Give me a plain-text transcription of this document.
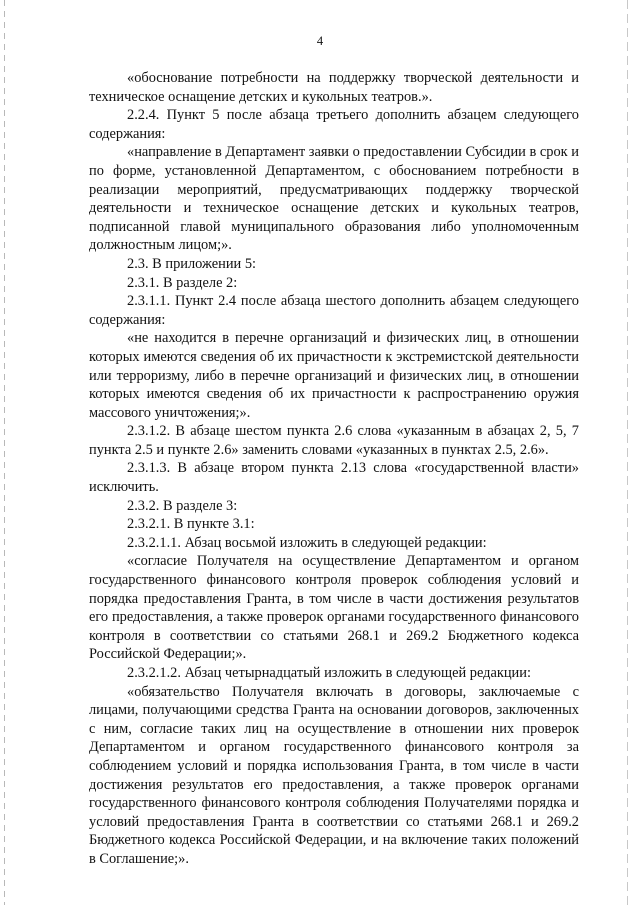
4

«обоснование потребности на поддержку творческой деятельности и техническое оснащение детских и кукольных театров.».

2.2.4. Пункт 5 после абзаца третьего дополнить абзацем следующего содержания:

«направление в Департамент заявки о предоставлении Субсидии в срок и по форме, установленной Департаментом, с обоснованием потребности в реализации мероприятий, предусматривающих поддержку творческой деятельности и техническое оснащение детских и кукольных театров, подписанной главой муниципального образования либо уполномоченным должностным лицом;».

2.3. В приложении 5:

2.3.1. В разделе 2:

2.3.1.1. Пункт 2.4 после абзаца шестого дополнить абзацем следующего содержания:

«не находится в перечне организаций и физических лиц, в отношении которых имеются сведения об их причастности к экстремистской деятельности или терроризму, либо в перечне организаций и физических лиц, в отношении которых имеются сведения об их причастности к распространению оружия массового уничтожения;».

2.3.1.2. В абзаце шестом пункта 2.6 слова «указанным в абзацах 2, 5, 7 пункта 2.5 и пункте 2.6» заменить словами «указанных в пунктах 2.5, 2.6».

2.3.1.3. В абзаце втором пункта 2.13 слова «государственной власти» исключить.

2.3.2. В разделе 3:

2.3.2.1. В пункте 3.1:

2.3.2.1.1. Абзац восьмой изложить в следующей редакции:

«согласие Получателя на осуществление Департаментом и органом государственного финансового контроля проверок соблюдения условий и порядка предоставления Гранта, в том числе в части достижения результатов его предоставления, а также проверок органами государственного финансового контроля в соответствии со статьями 268.1 и 269.2 Бюджетного кодекса Российской Федерации;».

2.3.2.1.2. Абзац четырнадцатый изложить в следующей редакции:

«обязательство Получателя включать в договоры, заключаемые с лицами, получающими средства Гранта на основании договоров, заключенных с ним, согласие таких лиц на осуществление в отношении них проверок Департаментом и органом государственного финансового контроля за соблюдением условий и порядка использования Гранта, в том числе в части достижения результатов его предоставления, а также проверок органами государственного финансового контроля соблюдения Получателями порядка и условий предоставления Гранта в соответствии со статьями 268.1 и 269.2 Бюджетного кодекса Российской Федерации, и на включение таких положений в Соглашение;».
